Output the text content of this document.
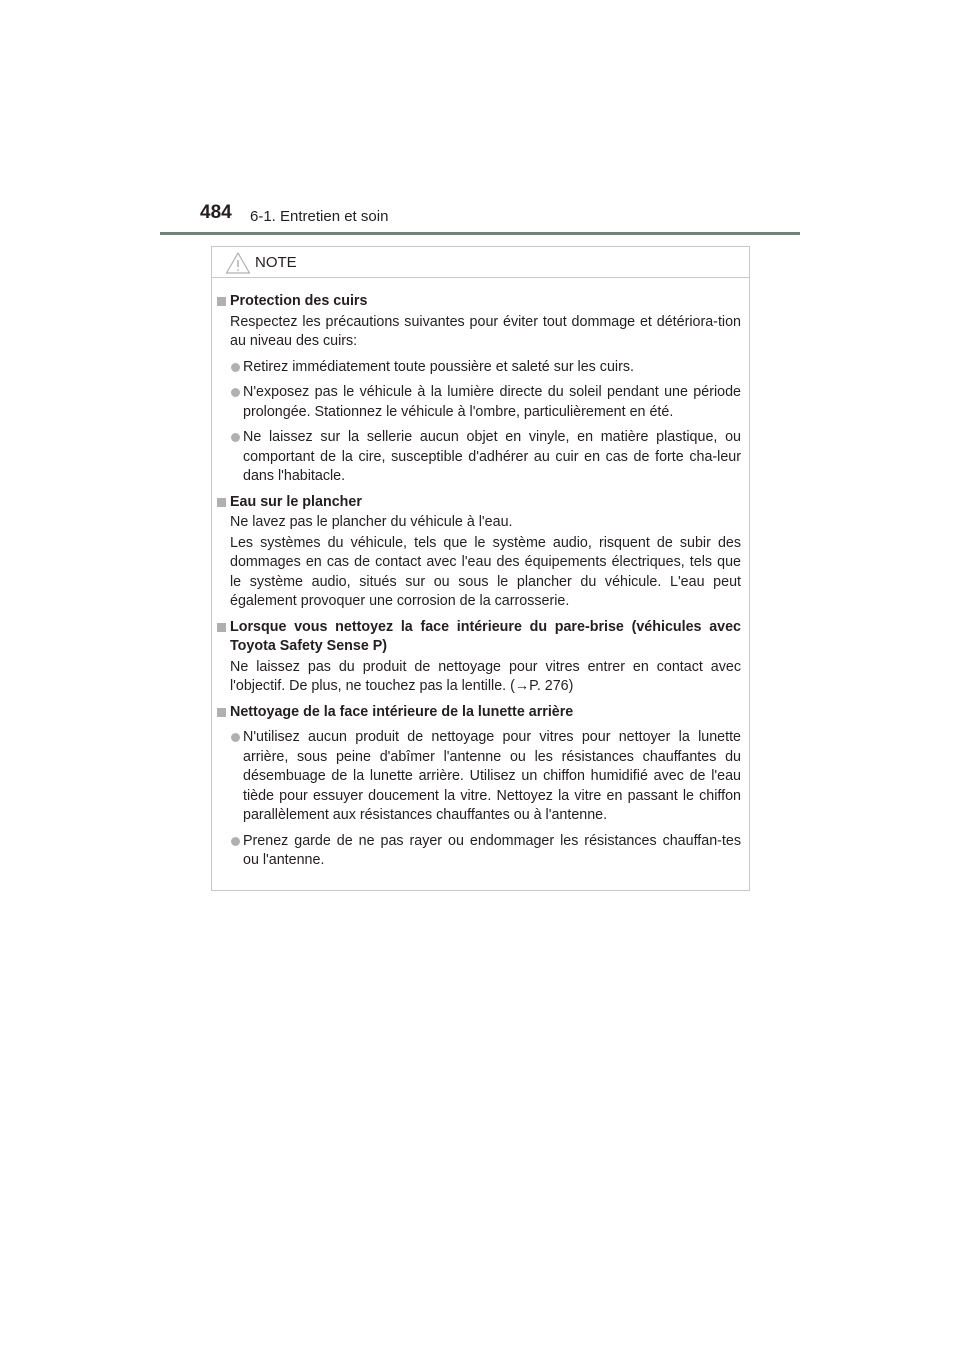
484 6-1. Entretien et soin
NOTE
Protection des cuirs
Respectez les précautions suivantes pour éviter tout dommage et détériora-tion au niveau des cuirs:
Retirez immédiatement toute poussière et saleté sur les cuirs.
N'exposez pas le véhicule à la lumière directe du soleil pendant une période prolongée. Stationnez le véhicule à l'ombre, particulièrement en été.
Ne laissez sur la sellerie aucun objet en vinyle, en matière plastique, ou comportant de la cire, susceptible d'adhérer au cuir en cas de forte cha-leur dans l'habitacle.
Eau sur le plancher
Ne lavez pas le plancher du véhicule à l'eau.
Les systèmes du véhicule, tels que le système audio, risquent de subir des dommages en cas de contact avec l'eau des équipements électriques, tels que le système audio, situés sur ou sous le plancher du véhicule. L'eau peut également provoquer une corrosion de la carrosserie.
Lorsque vous nettoyez la face intérieure du pare-brise (véhicules avec Toyota Safety Sense P)
Ne laissez pas du produit de nettoyage pour vitres entrer en contact avec l'objectif. De plus, ne touchez pas la lentille. (→P. 276)
Nettoyage de la face intérieure de la lunette arrière
N'utilisez aucun produit de nettoyage pour vitres pour nettoyer la lunette arrière, sous peine d'abîmer l'antenne ou les résistances chauffantes du désembuage de la lunette arrière. Utilisez un chiffon humidifié avec de l'eau tiède pour essuyer doucement la vitre. Nettoyez la vitre en passant le chiffon parallèlement aux résistances chauffantes ou à l'antenne.
Prenez garde de ne pas rayer ou endommager les résistances chauffan-tes ou l'antenne.
